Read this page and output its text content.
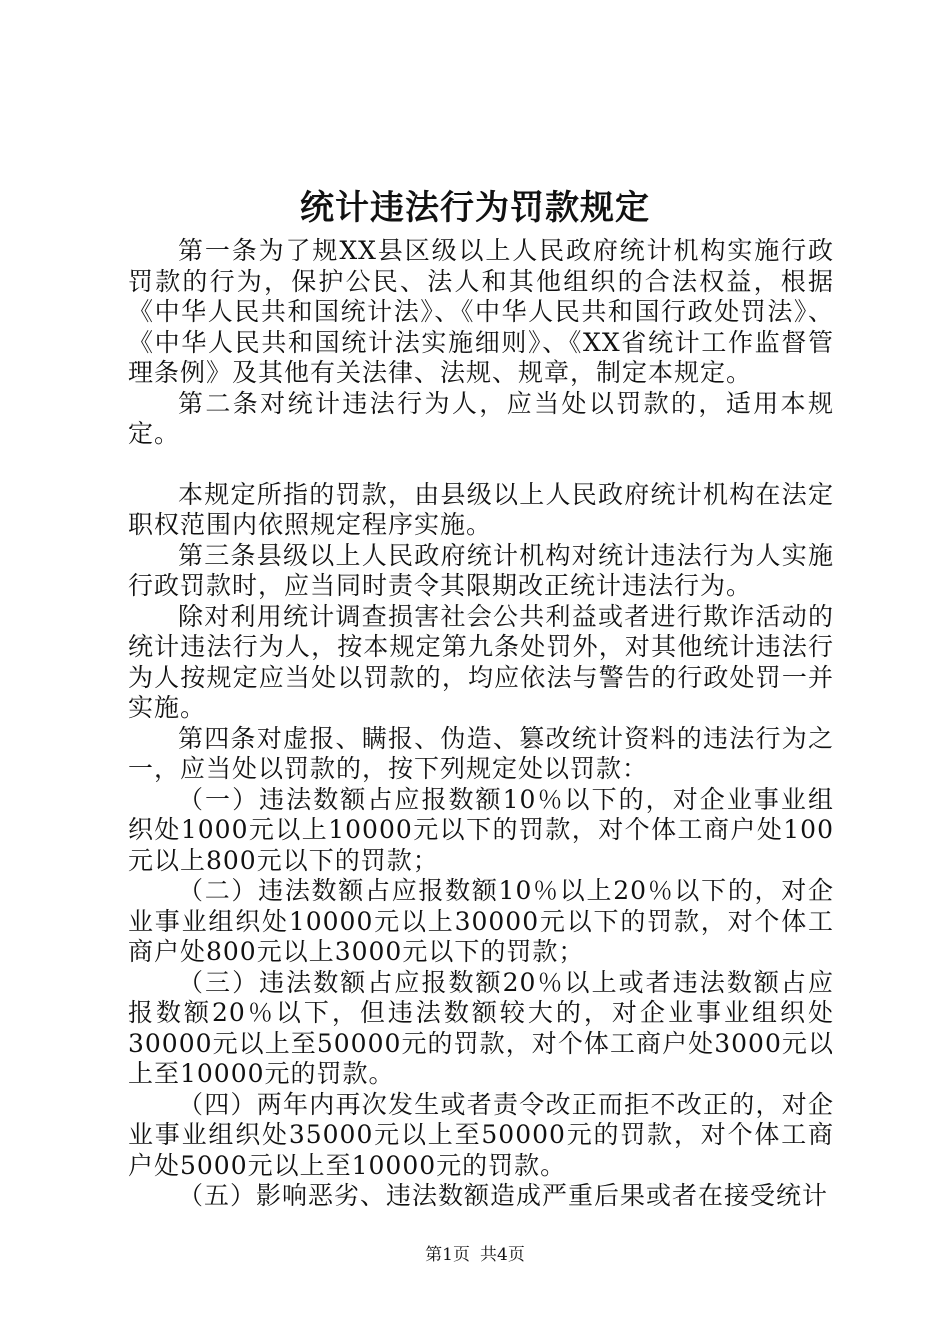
统计违法行为罚款规定

第一条为了规XX县区级以上人民政府统计机构实施行政罚款的行为，保护公民、法人和其他组织的合法权益，根据《中华人民共和国统计法》、《中华人民共和国行政处罚法》、《中华人民共和国统计法实施细则》、《XX省统计工作监督管理条例》及其他有关法律、法规、规章，制定本规定。

第二条对统计违法行为人，应当处以罚款的，适用本规定。

本规定所指的罚款，由县级以上人民政府统计机构在法定职权范围内依照规定程序实施。

第三条县级以上人民政府统计机构对统计违法行为人实施行政罚款时，应当同时责令其限期改正统计违法行为。

除对利用统计调查损害社会公共利益或者进行欺诈活动的统计违法行为人，按本规定第九条处罚外，对其他统计违法行为人按规定应当处以罚款的，均应依法与警告的行政处罚一并实施。

第四条对虚报、瞒报、伪造、篡改统计资料的违法行为之一，应当处以罚款的，按下列规定处以罚款：

（一）违法数额占应报数额10％以下的，对企业事业组织处1000元以上10000元以下的罚款，对个体工商户处100元以上800元以下的罚款；

（二）违法数额占应报数额10％以上20％以下的，对企业事业组织处10000元以上30000元以下的罚款，对个体工商户处800元以上3000元以下的罚款；

（三）违法数额占应报数额20％以上或者违法数额占应报数额20％以下，但违法数额较大的，对企业事业组织处30000元以上至50000元的罚款，对个体工商户处3000元以上至10000元的罚款。

（四）两年内再次发生或者责令改正而拒不改正的，对企业事业组织处35000元以上至50000元的罚款，对个体工商户处5000元以上至10000元的罚款。

（五）影响恶劣、违法数额造成严重后果或者在接受统计

第1页 共4页
